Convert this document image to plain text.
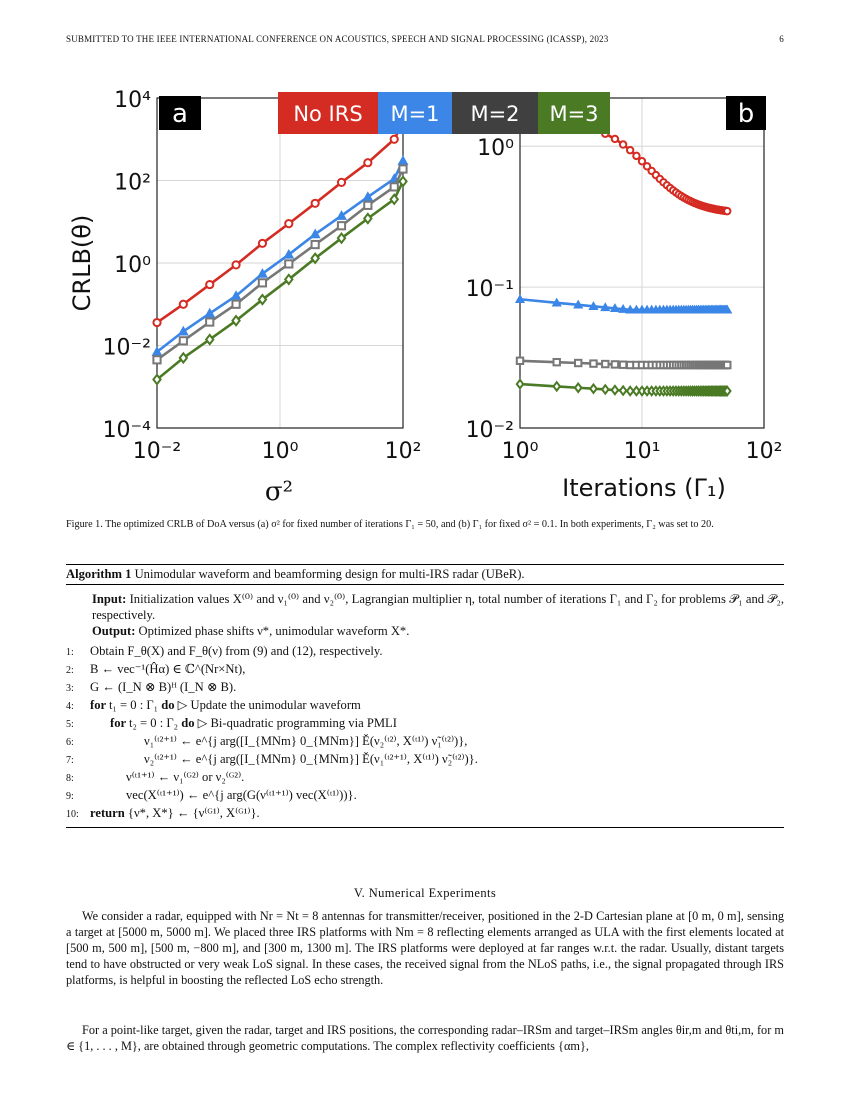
SUBMITTED TO THE IEEE INTERNATIONAL CONFERENCE ON ACOUSTICS, SPEECH AND SIGNAL PROCESSING (ICASSP), 2023	6
10⁴
10²
10⁰
10⁻²
10⁻⁴
10⁻²	10⁰	10²
σ²
CRLB(θ)
a
10⁰
10⁻¹
10⁻²
10⁰	10¹	10²
Iterations (Γ₁)
b
No IRS M=1 M=2 M=3
Figure 1. The optimized CRLB of DoA versus (a) σ² for fixed number of iterations Γ₁ = 50, and (b) Γ₁ for fixed σ² = 0.1. In both experiments, Γ₂ was set to 20.
Algorithm 1 Unimodular waveform and beamforming design for multi-IRS radar (UBeR).
Input: Initialization values X⁽⁰⁾ and ν₁⁽⁰⁾ and ν₂⁽⁰⁾, Lagrangian multiplier η, total number of iterations Γ₁ and Γ₂ for problems 𝒫₁ and 𝒫₂, respectively.
Output: Optimized phase shifts ν*, unimodular waveform X*.
1:	Obtain F_θ(X) and F_θ(ν) from (9) and (12), respectively.
2:	B ← vec⁻¹(Ĥα) ∈ ℂ^(Nr×Nt),
3:	G ← (I_N ⊗ B)ᴴ (I_N ⊗ B).
4:	for t₁ = 0 : Γ₁ do ▷ Update the unimodular waveform
5:	for t₂ = 0 : Γ₂ do ▷ Bi-quadratic programming via PMLI
6:	ν₁⁽ᵗ²⁺¹⁾ ← e^{j arg([I_{MNm} 0_{MNm}] Ě(ν₂⁽ᵗ²⁾, X⁽ᵗ¹⁾) ν̃₁⁽ᵗ²⁾)},
7:	ν₂⁽ᵗ²⁺¹⁾ ← e^{j arg([I_{MNm} 0_{MNm}] Ě(ν₁⁽ᵗ²⁺¹⁾, X⁽ᵗ¹⁾) ν̃₂⁽ᵗ²⁾)}.
8:	ν⁽ᵗ¹⁺¹⁾ ← ν₁⁽ᴳ²⁾ or ν₂⁽ᴳ²⁾.
9:	vec(X⁽ᵗ¹⁺¹⁾) ← e^{j arg(G(ν⁽ᵗ¹⁺¹⁾) vec(X⁽ᵗ¹⁾))}.
10: return {ν*, X*} ← {ν⁽ᴳ¹⁾, X⁽ᴳ¹⁾}.
V. Numerical Experiments
We consider a radar, equipped with Nr = Nt = 8 antennas for transmitter/receiver, positioned in the 2-D Cartesian plane at [0 m, 0 m], sensing a target at [5000 m, 5000 m]. We placed three IRS platforms with Nm = 8 reflecting elements arranged as ULA with the first elements located at [500 m, 500 m], [500 m, −800 m], and [300 m, 1300 m]. The IRS platforms were deployed at far ranges w.r.t. the radar. Usually, distant targets tend to have obstructed or very weak LoS signal. In these cases, the received signal from the NLoS paths, i.e., the signal propagated through IRS platforms, is helpful in boosting the reflected LoS echo strength.
For a point-like target, given the radar, target and IRS positions, the corresponding radar–IRSm and target–IRSm angles θir,m and θti,m, for m ∈ {1, . . . , M}, are obtained through geometric computations. The complex reflectivity coefficients {αm},
